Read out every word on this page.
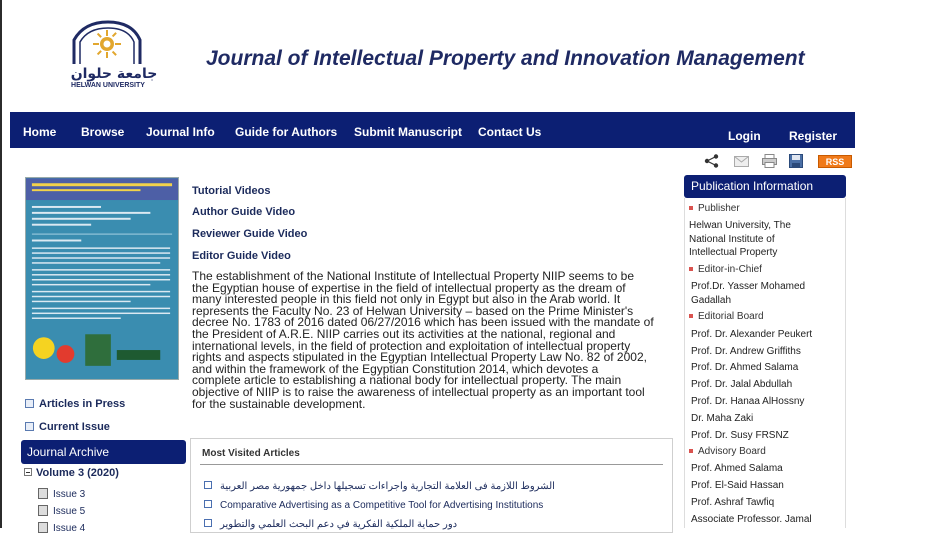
جامعة حلوان
HELWAN UNIVERSITY
Journal of Intellectual Property and Innovation Management
Home Browse Journal Info Guide for Authors Submit Manuscript Contact Us	Login Register
RSS
Articles in Press
Current Issue
Journal Archive
Volume 3 (2020)
Issue 3
Issue 5
Issue 4
Tutorial Videos
Author Guide Video
Reviewer Guide Video
Editor Guide Video
The establishment of the National Institute of Intellectual Property NIIP seems to be
the Egyptian house of expertise in the field of intellectual property as the dream of
many interested people in this field not only in Egypt but also in the Arab world. It
represents the Faculty No. 23 of Helwan University – based on the Prime Minister's
decree No. 1783 of 2016 dated 06/27/2016 which has been issued with the mandate of
the President of A.R.E. NIIP carries out its activities at the national, regional and
international levels, in the field of protection and exploitation of intellectual property
rights and aspects stipulated in the Egyptian Intellectual Property Law No. 82 of 2002,
and within the framework of the Egyptian Constitution 2014, which devotes a
complete article to establishing a national body for intellectual property. The main
objective of NIIP is to raise the awareness of intellectual property as an important tool
for the sustainable development.
Most Visited Articles
الشروط اللازمة فى العلامة التجارية واجراءات تسجيلها داخل جمهورية مصر العربية
Comparative Advertising as a Competitive Tool for Advertising Institutions
دور حماية الملكية الفكرية في دعم البحث العلمي والتطوير
Publication Information
Publisher
Helwan University, The
National Institute of
Intellectual Property
Editor-in-Chief
Prof.Dr. Yasser Mohamed
Gadallah
Editorial Board
Prof. Dr. Alexander Peukert
Prof. Dr. Andrew Griffiths
Prof. Dr. Ahmed Salama
Prof. Dr. Jalal Abdullah
Prof. Dr. Hanaa AlHossny
Dr. Maha Zaki
Prof. Dr. Susy FRSNZ
Advisory Board
Prof. Ahmed Salama
Prof. El-Said Hassan
Prof. Ashraf Tawfiq
Associate Professor. Jamal
